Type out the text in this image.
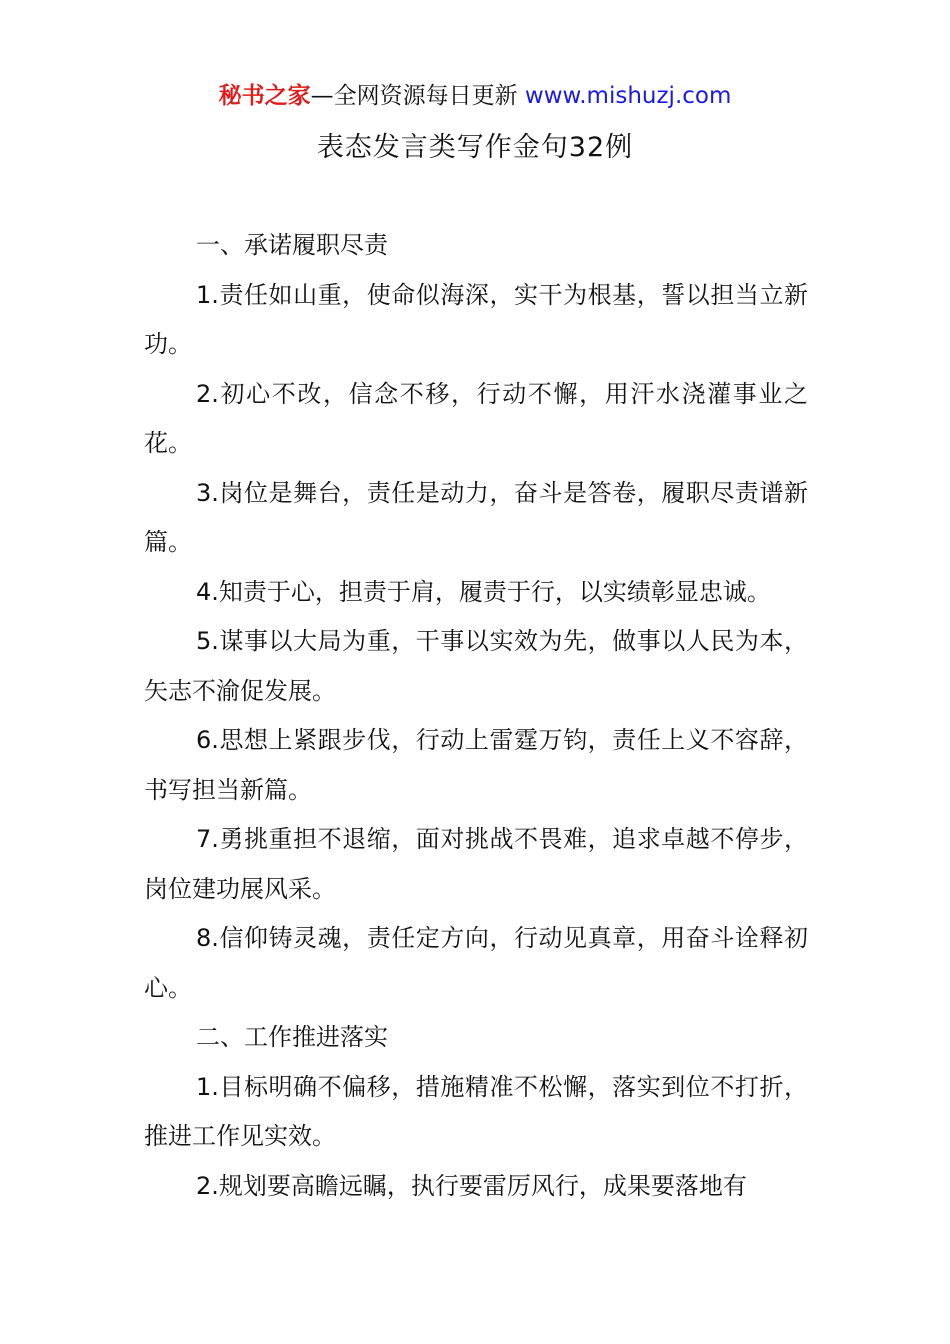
秘书之家—全网资源每日更新 www.mishuzj.com
表态发言类写作金句32例

一、承诺履职尽责

1.责任如山重，使命似海深，实干为根基，誓以担当立新功。

2.初心不改，信念不移，行动不懈，用汗水浇灌事业之花。

3.岗位是舞台，责任是动力，奋斗是答卷，履职尽责谱新篇。

4.知责于心，担责于肩，履责于行，以实绩彰显忠诚。

5.谋事以大局为重，干事以实效为先，做事以人民为本，矢志不渝促发展。

6.思想上紧跟步伐，行动上雷霆万钧，责任上义不容辞，书写担当新篇。

7.勇挑重担不退缩，面对挑战不畏难，追求卓越不停步，岗位建功展风采。

8.信仰铸灵魂，责任定方向，行动见真章，用奋斗诠释初心。

二、工作推进落实

1.目标明确不偏移，措施精准不松懈，落实到位不打折，推进工作见实效。

2.规划要高瞻远瞩，执行要雷厉风行，成果要落地有
